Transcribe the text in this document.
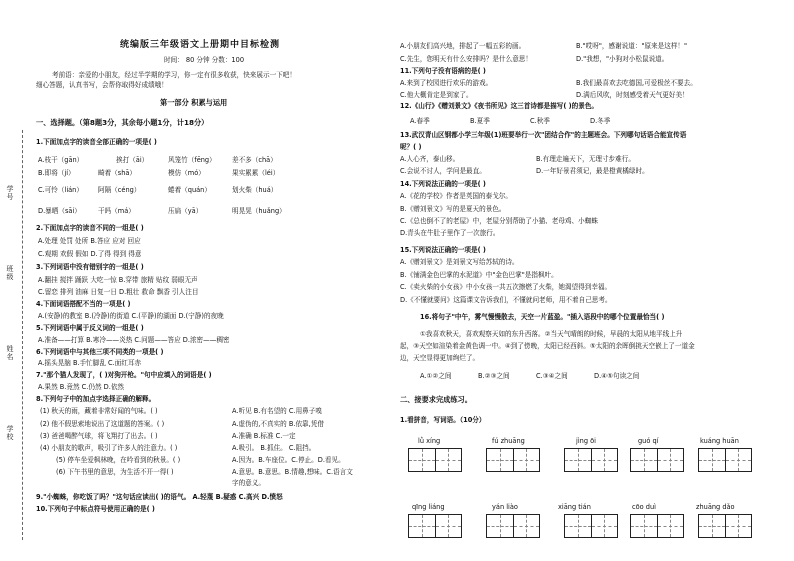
学号
班级
姓名
学校
统编版三年级语文上册期中目标检测
时间： 80 分钟 分数：100
考前语：亲爱的小朋友，经过半学期的学习，你一定有很多收获，快来展示一下吧！
细心答题，认真书写，会帮你取得好成绩哦！
第一部分 积累与运用
一、选择题。（第8题3分，其余每小题1分，计18分）
1.下面加点字的读音全部正确的一项是( )
A.枝干（gān）	挨打（āi）	风笼竹（fēng） 差不多（chā）
B.即将（jí）	畸着（shā）	模仿（mó）	果实累累（léi）
C.可怜（lián） 阿隔（céng）	蜷着（quán）	划火柴（huá）
D.暴晒（sāi）	干吗（má）	压扁（yā）	明晃晃（huǎng）
2.下面加点字的读音不同的一组是( )
A.处理 处罚 处所 B.答应 应对 回应
C.观期 欢假 假如 D.了得 得到 得意
3.下列词语中没有错别字的一组是( )
A.翻挂 搅拌 踊跃 大吃一惊 B.穿带 旅精 贴纹 弱眼无声
C.留恋 排列 油麻 日复一日 D.粗壮 救命 飘香 引人注目
4.下面词语搭配不当的一项是( )
A.(安静)的教室 B.(冷静)的街道 C.(平静)的湖面 D.(宁静)的夜晚
5.下列词语中属于反义词的一组是( )
A.准备——打算 B.寒冷——炎热 C.问题——答应 D.浓密——稠密
6.下列词语中与其他三项不同类的一项是( )
A.摇头晃脑 B.手忙脚乱 C.面红耳赤
7."那个猫人发现了，( )对狗开枪。"句中应填入的词语是( )
A.果然 B.竟然 C.仍然 D.依然
8.下列句子中的加点字选择正确的解释。
(1) 秋天的雨，藏着非常好闻的气味。( )	A.听见 B.有名望的 C.用鼻子嗅
(2) 他不假思索地说出了这道题的答案。( )	A.虚伪的,不真实的 B.依靠,凭借
(3) 爸爸喝醉气球，将飞翔打了出去。( )	A.准确 B.标准 C.一定
(4) 小朋友的歌声，吸引了许多人的注意力。( )	A.吸引。 B.抓住。 C.阻挡。
(5) 停车坐爱枫林晚，在吟看到的秋景。( )	A.因为。B.车座位。C.停止。D.看见。
(6) 下午书里的意思，为生活不开一得( )	A.意思。B.意思。B.情趣,想味。C.语言文
字的意义。
9."小蜘蛛，你吃饭了吗？"这句话应读出( )的语气。 A.轻蔑 B.疑惑 C.高兴 D.愤怒
10.下列句子中标点符号使用正确的是( )
A.小朋友们高兴地，排起了一幅五彩的画。	B."哎呀"，感谢说道："原来是这样！"
C.先生，您明天有什么安排吗？是什么意思！	D."我想，"小狗对小松鼠说道。
11.下列句子没有语病的是( )
A.来到了校园进行欢乐的游戏。	B.我们最喜欢去吃德国,可爱极丝不要去。
C.他大概肯定是到家了。	D.满后风吹，时刻感受着天气更好美！
12.《山行》《赠刘景文》《夜书所见》这三首诗都是描写( )的景色。
A.春季	B.夏季	C.秋季	D.冬季
13.武汉青山区钢都小学三年级(1)班要举行一次"团结合作"的主题班会。下列哪句话语合能宣传语
呢？( )
A.人心齐，泰山移。	B.有理走遍天下，无理寸步难行。
C.会说不讨人，学问是最直。	D.一年好景君须记，最是橙黄橘绿时。
14.下列说法正确的一项是( )
A.《花的学校》作者是英国的泰戈尔。
B.《赠刘景文》写的是夏天的景色。
C.《总也倒不了的老屋》中，老屋分别帮助了小猫、老母鸡、小蜘蛛
D.青头在牛肚子里作了一次旅行。
15.下列说法正确的一项是( )
A.《赠刘景文》是刘景文写给苏轼的诗。
B.《铺满金色巴掌的水泥道》中"金色巴掌"是指枫叶。
C.《卖火柴的小女孩》中小女孩一共五次擦燃了火柴，她渴望得到幸福。
D.《不懂就要问》这篇课文告诉我们，不懂就问老师，用不着自己思考。
16.将句子"中午，雾气慢慢散去，天空一片蓝盈。"插入语段中的哪个位置最恰当( )
①我喜欢秋天，喜欢观察天如的东升西落。②当天气晴朗的时候，早晨的太阳从地平线上升
起，③天空如渲染着金黄色调一中。④到了傍晚，太阳已经西斜。⑤太阳的余晖倒挑天空嵌上了一道金
边，天空显得更加绚烂了。
A.①②之间	B.②③之间	C.③④之间	D.④⑤句读之间
二、接要求完成练习。
1.看拼音，写词语。（10分）
lǜ xíng	fú zhuāng	jìng ōi	guó qí	kuáng huān
qīng liáng	yán liào	xiāng tián	cōo duì	zhuāng dǎo
